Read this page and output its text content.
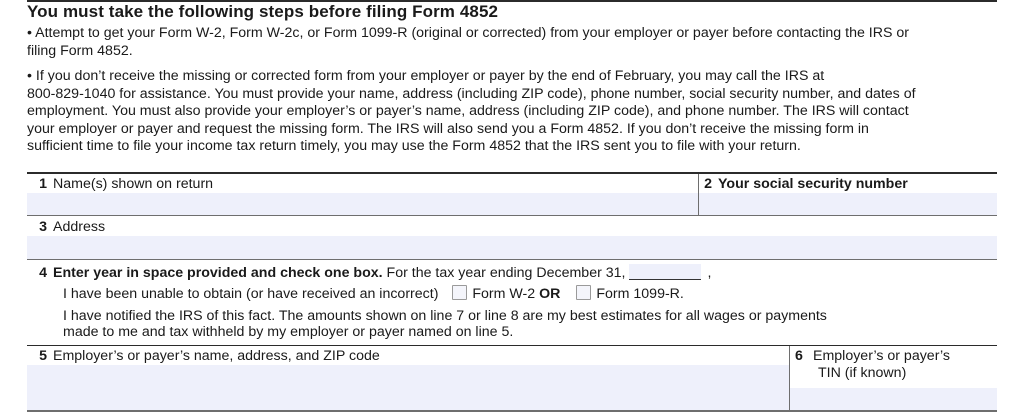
You must take the following steps before filing Form 4852
• Attempt to get your Form W-2, Form W-2c, or Form 1099-R (original or corrected) from your employer or payer before contacting the IRS or
filing Form 4852.
• If you don’t receive the missing or corrected form from your employer or payer by the end of February, you may call the IRS at
800-829-1040 for assistance. You must provide your name, address (including ZIP code), phone number, social security number, and dates of
employment. You must also provide your employer’s or payer’s name, address (including ZIP code), and phone number. The IRS will contact
your employer or payer and request the missing form. The IRS will also send you a Form 4852. If you don’t receive the missing form in
sufficient time to file your income tax return timely, you may use the Form 4852 that the IRS sent you to file with your return.
1 Name(s) shown on return	2 Your social security number
3 Address
4 Enter year in space provided and check one box. For the tax year ending December 31,	,
I have been unable to obtain (or have received an incorrect) Form W-2 OR	Form 1099-R.
I have notified the IRS of this fact. The amounts shown on line 7 or line 8 are my best estimates for all wages or payments
made to me and tax withheld by my employer or payer named on line 5.
5 Employer’s or payer’s name, address, and ZIP code	6 Employer’s or payer’s
TIN (if known)
